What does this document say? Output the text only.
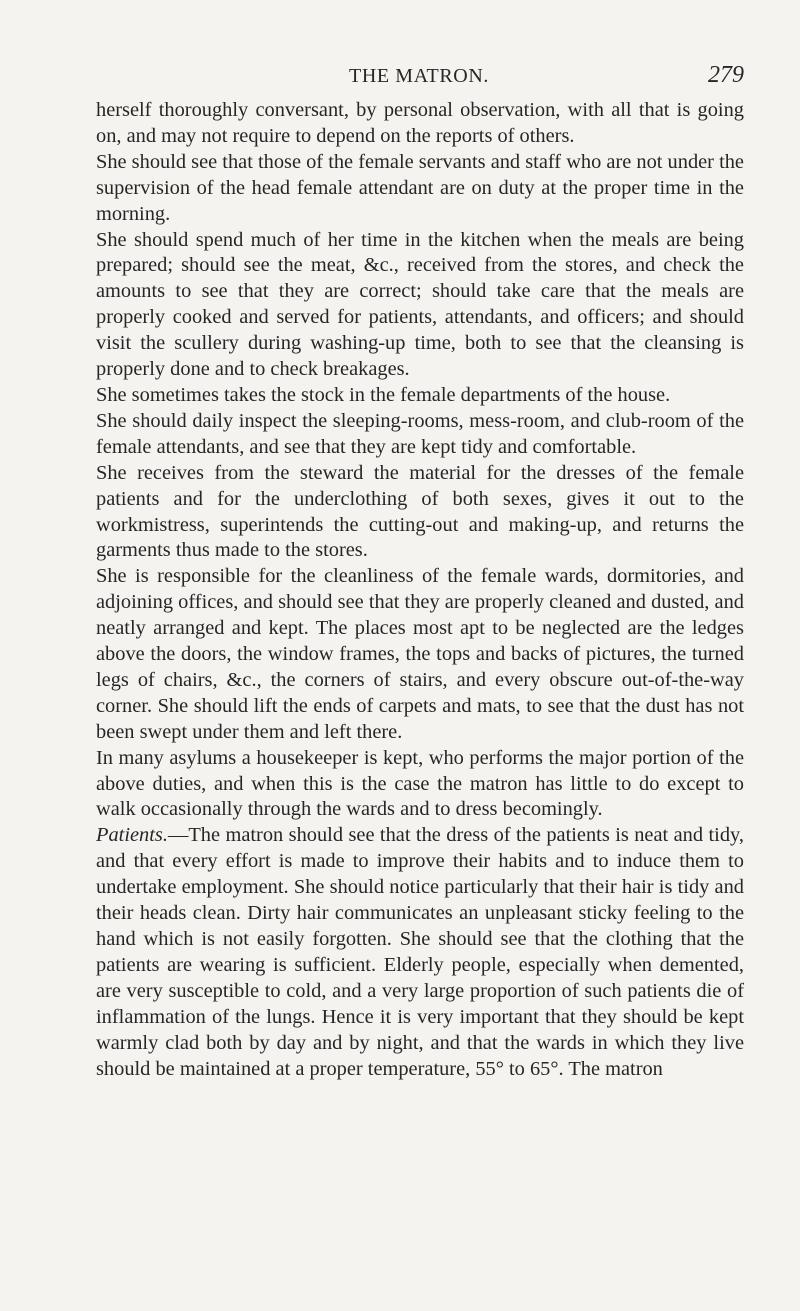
THE MATRON.	279

herself thoroughly conversant, by personal observation, with all that is going on, and may not require to depend on the reports of others.

She should see that those of the female servants and staff who are not under the supervision of the head female attendant are on duty at the proper time in the morning.

She should spend much of her time in the kitchen when the meals are being prepared; should see the meat, &c., received from the stores, and check the amounts to see that they are correct; should take care that the meals are properly cooked and served for patients, attendants, and officers; and should visit the scullery during washing-up time, both to see that the cleansing is properly done and to check breakages.

She sometimes takes the stock in the female departments of the house.

She should daily inspect the sleeping-rooms, mess-room, and club-room of the female attendants, and see that they are kept tidy and comfortable.

She receives from the steward the material for the dresses of the female patients and for the underclothing of both sexes, gives it out to the workmistress, superintends the cutting-out and making-up, and returns the garments thus made to the stores.

She is responsible for the cleanliness of the female wards, dormitories, and adjoining offices, and should see that they are properly cleaned and dusted, and neatly arranged and kept. The places most apt to be neglected are the ledges above the doors, the window frames, the tops and backs of pictures, the turned legs of chairs, &c., the corners of stairs, and every obscure out-of-the-way corner. She should lift the ends of carpets and mats, to see that the dust has not been swept under them and left there.

In many asylums a housekeeper is kept, who performs the major portion of the above duties, and when this is the case the matron has little to do except to walk occasionally through the wards and to dress becomingly.

Patients.—The matron should see that the dress of the patients is neat and tidy, and that every effort is made to improve their habits and to induce them to undertake employment. She should notice particularly that their hair is tidy and their heads clean. Dirty hair communicates an unpleasant sticky feeling to the hand which is not easily forgotten. She should see that the clothing that the patients are wearing is sufficient. Elderly people, especially when demented, are very susceptible to cold, and a very large proportion of such patients die of inflammation of the lungs. Hence it is very important that they should be kept warmly clad both by day and by night, and that the wards in which they live should be maintained at a proper temperature, 55° to 65°. The matron
